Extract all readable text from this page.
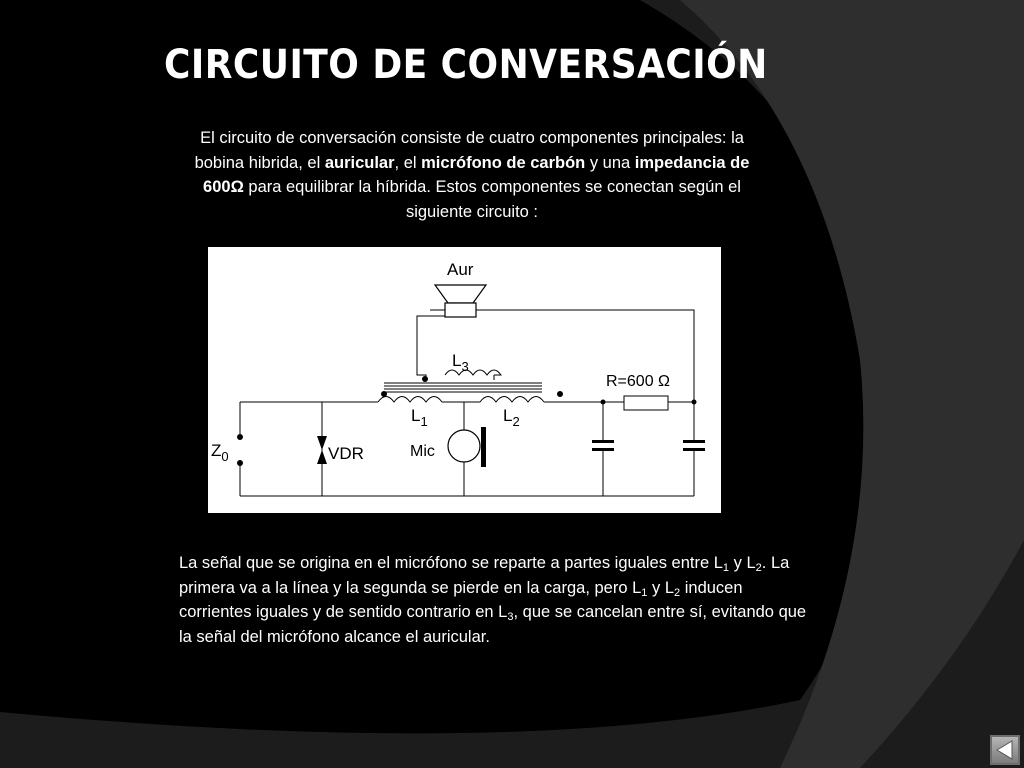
CIRCUITO DE CONVERSACIÓN

El circuito de conversación consiste de cuatro componentes principales: la bobina hibrida, el auricular, el micrófono de carbón y una impedancia de 600Ω para equilibrar la híbrida. Estos componentes se conectan según el siguiente circuito :

Aur
$L_3$
$L_1$	$L_2$
R=600 Ω
$Z_0$	VDR	Mic

La señal que se origina en el micrófono se reparte a partes iguales entre $L_1$ y $L_2$. La primera va a la línea y la segunda se pierde en la carga, pero $L_1$ y $L_2$ inducen corrientes iguales y de sentido contrario en $L_3$, que se cancelan entre sí, evitando que la señal del micrófono alcance el auricular.
